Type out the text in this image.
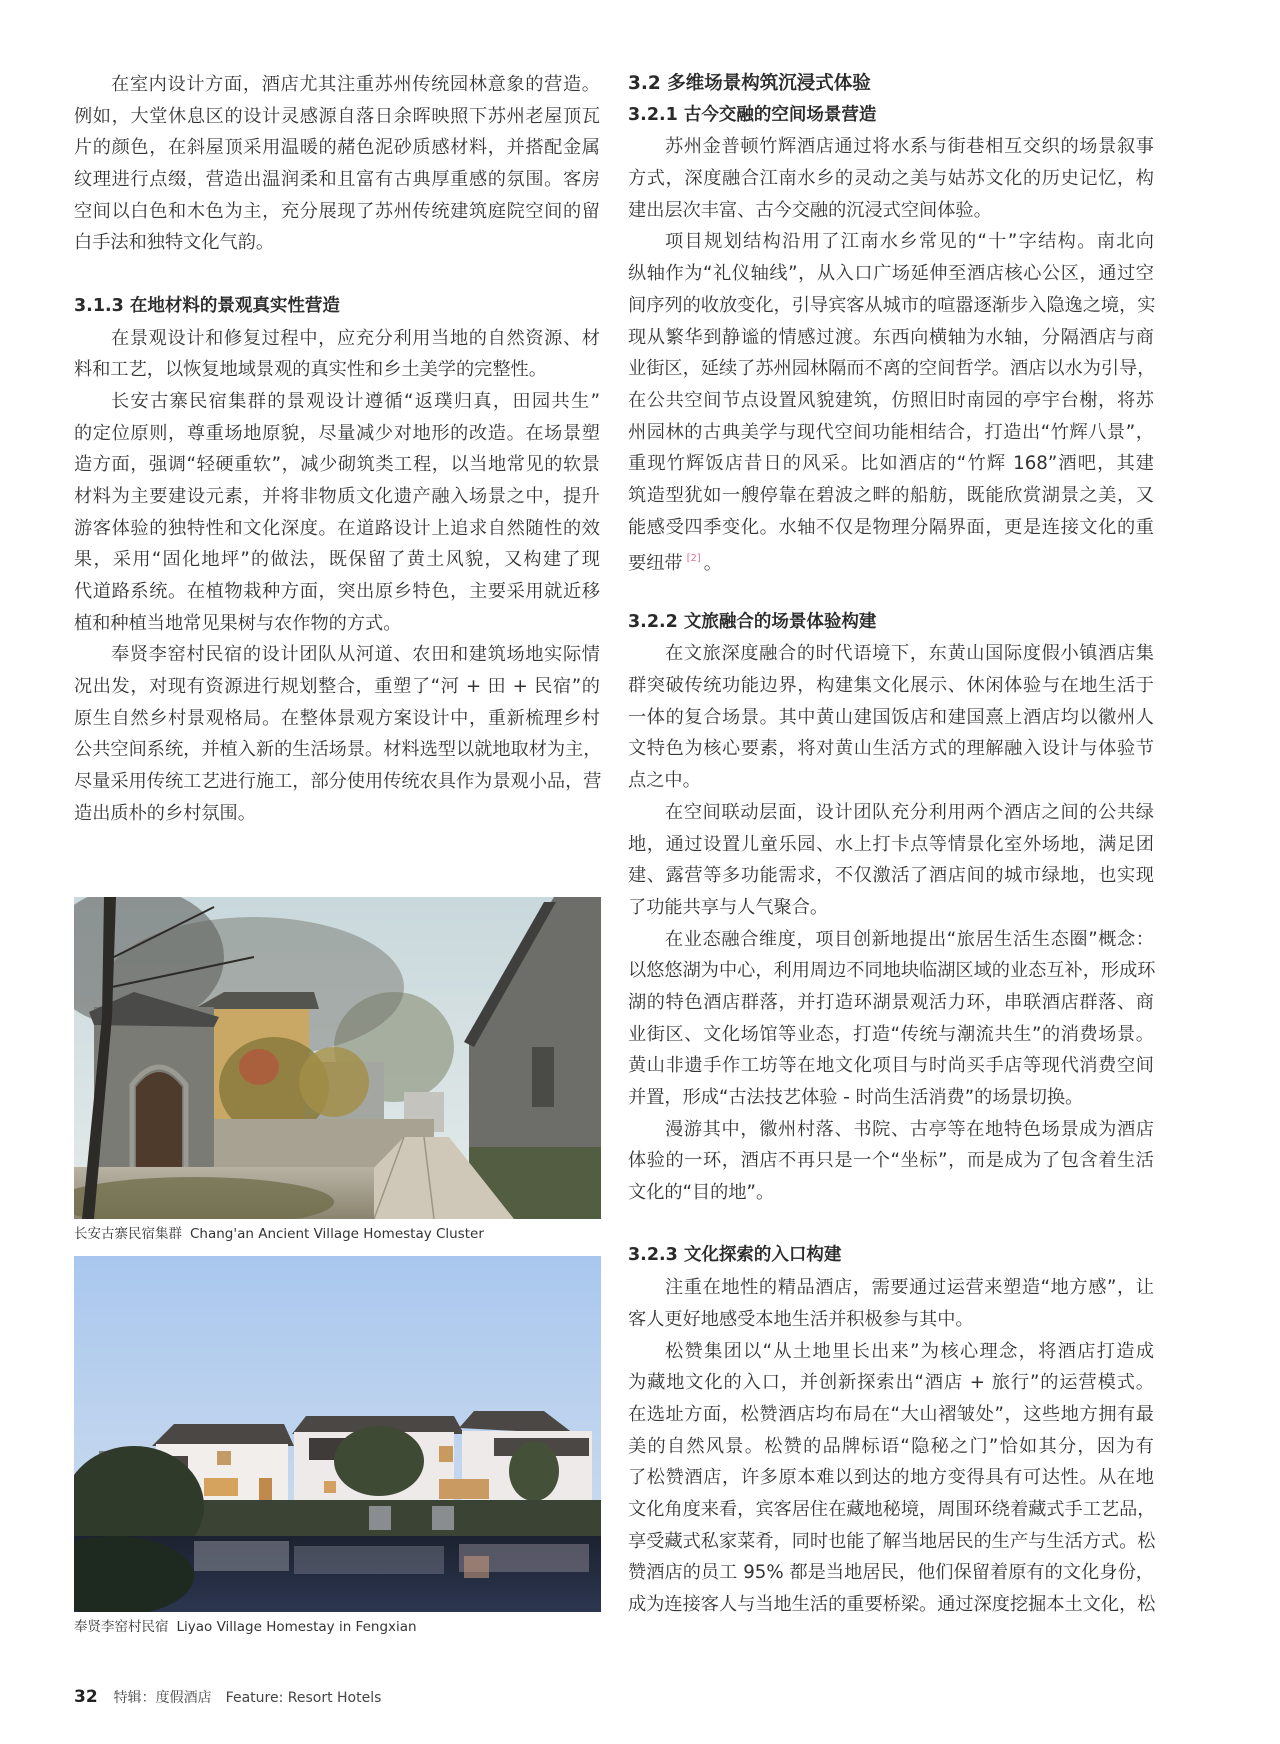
在室内设计方面，酒店尤其注重苏州传统园林意象的营造。
例如，大堂休息区的设计灵感源自落日余晖映照下苏州老屋顶瓦
片的颜色，在斜屋顶采用温暖的赭色泥砂质感材料，并搭配金属
纹理进行点缀，营造出温润柔和且富有古典厚重感的氛围。客房
空间以白色和木色为主，充分展现了苏州传统建筑庭院空间的留
白手法和独特文化气韵。
3.1.3 在地材料的景观真实性营造
在景观设计和修复过程中，应充分利用当地的自然资源、材
料和工艺，以恢复地域景观的真实性和乡土美学的完整性。
长安古寨民宿集群的景观设计遵循“返璞归真，田园共生”
的定位原则，尊重场地原貌，尽量减少对地形的改造。在场景塑
造方面，强调“轻硬重软”，减少砌筑类工程，以当地常见的软景
材料为主要建设元素，并将非物质文化遗产融入场景之中，提升
游客体验的独特性和文化深度。在道路设计上追求自然随性的效
果，采用“固化地坪”的做法，既保留了黄土风貌，又构建了现
代道路系统。在植物栽种方面，突出原乡特色，主要采用就近移
植和种植当地常见果树与农作物的方式。
奉贤李窑村民宿的设计团队从河道、农田和建筑场地实际情
况出发，对现有资源进行规划整合，重塑了“河 + 田 + 民宿”的
原生自然乡村景观格局。在整体景观方案设计中，重新梳理乡村
公共空间系统，并植入新的生活场景。材料选型以就地取材为主，
尽量采用传统工艺进行施工，部分使用传统农具作为景观小品，营
造出质朴的乡村氛围。
长安古寨民宿集群 Chang'an Ancient Village Homestay Cluster
奉贤李窑村民宿 Liyao Village Homestay in Fengxian
3.2 多维场景构筑沉浸式体验
3.2.1 古今交融的空间场景营造
苏州金普顿竹辉酒店通过将水系与街巷相互交织的场景叙事
方式，深度融合江南水乡的灵动之美与姑苏文化的历史记忆，构
建出层次丰富、古今交融的沉浸式空间体验。
项目规划结构沿用了江南水乡常见的“十”字结构。南北向
纵轴作为“礼仪轴线”，从入口广场延伸至酒店核心公区，通过空
间序列的收放变化，引导宾客从城市的喧嚣逐渐步入隐逸之境，实
现从繁华到静谧的情感过渡。东西向横轴为水轴，分隔酒店与商
业街区，延续了苏州园林隔而不离的空间哲学。酒店以水为引导，
在公共空间节点设置风貌建筑，仿照旧时南园的亭宇台榭，将苏
州园林的古典美学与现代空间功能相结合，打造出“竹辉八景”，
重现竹辉饭店昔日的风采。比如酒店的“竹辉 168”酒吧，其建
筑造型犹如一艘停靠在碧波之畔的船舫，既能欣赏湖景之美，又
能感受四季变化。水轴不仅是物理分隔界面，更是连接文化的重
要纽带 [2] 。
3.2.2 文旅融合的场景体验构建
在文旅深度融合的时代语境下，东黄山国际度假小镇酒店集
群突破传统功能边界，构建集文化展示、休闲体验与在地生活于
一体的复合场景。其中黄山建国饭店和建国熹上酒店均以徽州人
文特色为核心要素，将对黄山生活方式的理解融入设计与体验节
点之中。
在空间联动层面，设计团队充分利用两个酒店之间的公共绿
地，通过设置儿童乐园、水上打卡点等情景化室外场地，满足团
建、露营等多功能需求，不仅激活了酒店间的城市绿地，也实现
了功能共享与人气聚合。
在业态融合维度，项目创新地提出“旅居生活生态圈”概念：
以悠悠湖为中心，利用周边不同地块临湖区域的业态互补，形成环
湖的特色酒店群落，并打造环湖景观活力环，串联酒店群落、商
业街区、文化场馆等业态，打造“传统与潮流共生”的消费场景。
黄山非遗手作工坊等在地文化项目与时尚买手店等现代消费空间
并置，形成“古法技艺体验 - 时尚生活消费”的场景切换。
漫游其中，徽州村落、书院、古亭等在地特色场景成为酒店
体验的一环，酒店不再只是一个“坐标”，而是成为了包含着生活
文化的“目的地”。
3.2.3 文化探索的入口构建
注重在地性的精品酒店，需要通过运营来塑造“地方感”，让
客人更好地感受本地生活并积极参与其中。
松赞集团以“从土地里长出来”为核心理念，将酒店打造成
为藏地文化的入口，并创新探索出“酒店 + 旅行”的运营模式。
在选址方面，松赞酒店均布局在“大山褶皱处”，这些地方拥有最
美的自然风景。松赞的品牌标语“隐秘之门”恰如其分，因为有
了松赞酒店，许多原本难以到达的地方变得具有可达性。从在地
文化角度来看，宾客居住在藏地秘境，周围环绕着藏式手工艺品，
享受藏式私家菜肴，同时也能了解当地居民的生产与生活方式。松
赞酒店的员工 95% 都是当地居民，他们保留着原有的文化身份，
成为连接客人与当地生活的重要桥梁。通过深度挖掘本土文化，松
32 特辑：度假酒店 Feature: Resort Hotels
